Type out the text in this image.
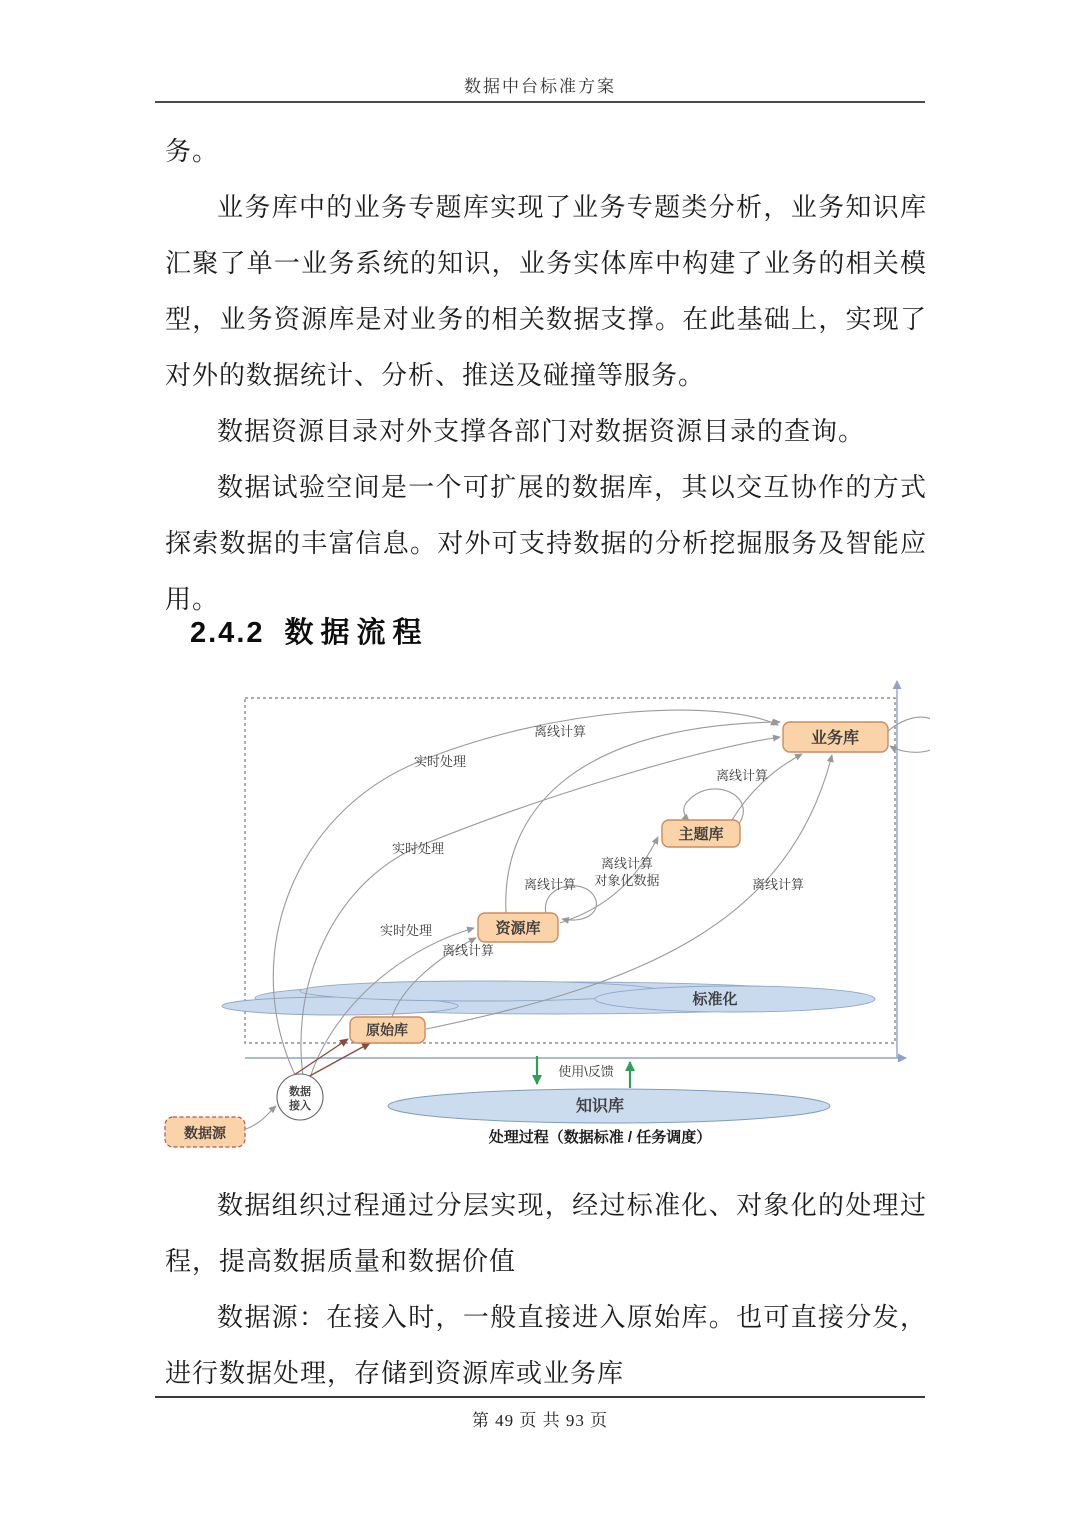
数据中台标准方案

务。

业务库中的业务专题库实现了业务专题类分析，业务知识库汇聚了单一业务系统的知识，业务实体库中构建了业务的相关模型，业务资源库是对业务的相关数据支撑。在此基础上，实现了对外的数据统计、分析、推送及碰撞等服务。

数据资源目录对外支撑各部门对数据资源目录的查询。

数据试验空间是一个可扩展的数据库，其以交互协作的方式探索数据的丰富信息。对外可支持数据的分析挖掘服务及智能应用。

2.4.2 数据流程
业务库
主题库
资源库
原始库
数据源
数据
接入	知识库
标准化
离线计算
实时处理
离线计算
实时处理
离线计算
对象化数据
离线计算	离线计算
实时处理
离线计算
使用\反馈
处理过程（数据标准 / 任务调度）

数据组织过程通过分层实现，经过标准化、对象化的处理过程，提高数据质量和数据价值

数据源：在接入时，一般直接进入原始库。也可直接分发，进行数据处理，存储到资源库或业务库

第 49 页 共 93 页
